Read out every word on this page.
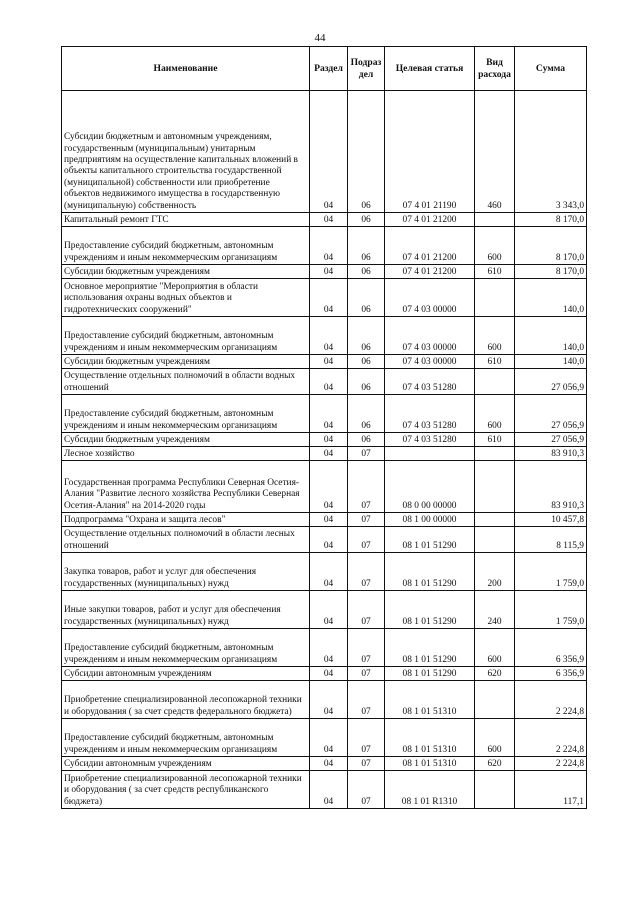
44
Наименование	Раздел	Подраз дел	Целевая статья	Вид расхода	Сумма
Субсидии бюджетным и автономным учреждениям, государственным (муниципальным) унитарным предприятиям на осуществление капитальных вложений в объекты капитального строительства государственной (муниципальной) собственности или приобретение объектов недвижимого имущества в государственную (муниципальную) собственность	04	06	07 4 01 21190	460	3 343,0
Капитальный ремонт ГТС	04	06	07 4 01 21200		8 170,0
Предоставление субсидий бюджетным, автономным учреждениям и иным некоммерческим организациям	04	06	07 4 01 21200	600	8 170,0
Субсидии бюджетным учреждениям	04	06	07 4 01 21200	610	8 170,0
Основное мероприятие "Мероприятия в области использования охраны водных объектов и гидротехнических сооружений"	04	06	07 4 03 00000		140,0
Предоставление субсидий бюджетным, автономным учреждениям и иным некоммерческим организациям	04	06	07 4 03 00000	600	140,0
Субсидии бюджетным учреждениям	04	06	07 4 03 00000	610	140,0
Осуществление отдельных полномочий в области водных отношений	04	06	07 4 03 51280		27 056,9
Предоставление субсидий бюджетным, автономным учреждениям и иным некоммерческим организациям	04	06	07 4 03 51280	600	27 056,9
Субсидии бюджетным учреждениям	04	06	07 4 03 51280	610	27 056,9
Лесное хозяйство	04	07			83 910,3
Государственная программа Республики Северная Осетия-Алания "Развитие лесного хозяйства Республики Северная Осетия-Алания" на 2014-2020 годы	04	07	08 0 00 00000		83 910,3
Подпрограмма "Охрана и защита лесов"	04	07	08 1 00 00000		10 457,8
Осуществление отдельных полномочий в области лесных отношений	04	07	08 1 01 51290		8 115,9
Закупка товаров, работ и услуг для обеспечения государственных (муниципальных) нужд	04	07	08 1 01 51290	200	1 759,0
Иные закупки товаров, работ и услуг для обеспечения государственных (муниципальных) нужд	04	07	08 1 01 51290	240	1 759,0
Предоставление субсидий бюджетным, автономным учреждениям и иным некоммерческим организациям	04	07	08 1 01 51290	600	6 356,9
Субсидии автономным учреждениям	04	07	08 1 01 51290	620	6 356,9
Приобретение специализированной лесопожарной техники и оборудования ( за счет средств федерального бюджета)	04	07	08 1 01 51310		2 224,8
Предоставление субсидий бюджетным, автономным учреждениям и иным некоммерческим организациям	04	07	08 1 01 51310	600	2 224,8
Субсидии автономным учреждениям	04	07	08 1 01 51310	620	2 224,8
Приобретение специализированной лесопожарной техники и оборудования ( за счет средств республиканского бюджета)	04	07	08 1 01 R1310		117,1
